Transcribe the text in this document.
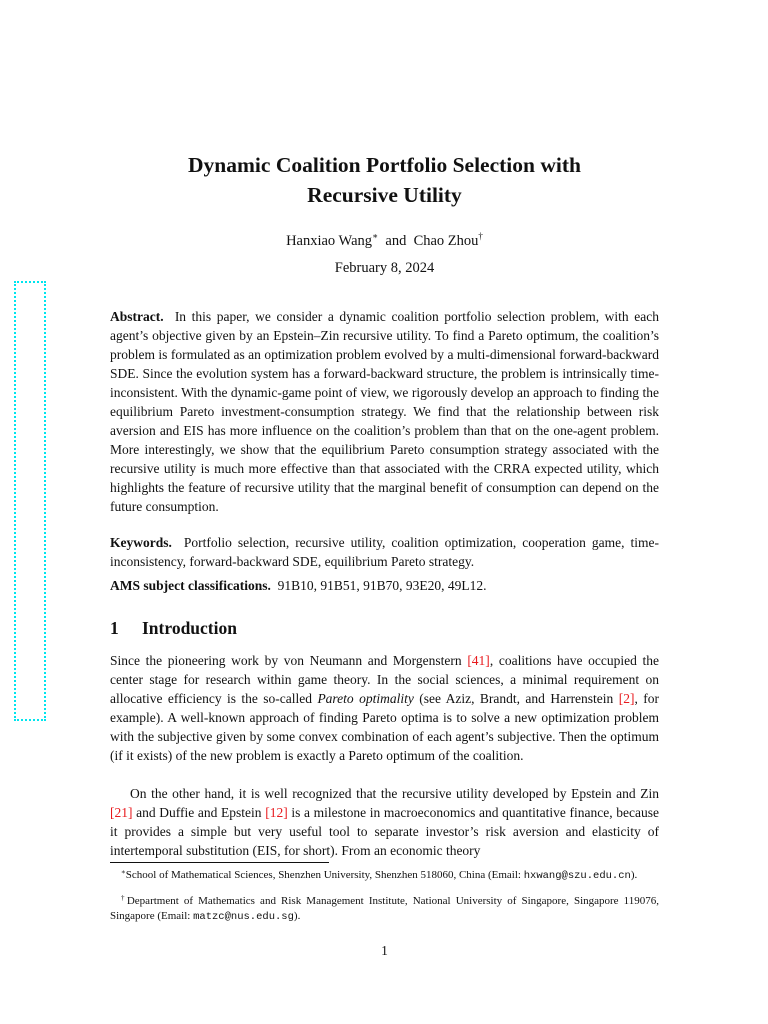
Dynamic Coalition Portfolio Selection with
Recursive Utility
Hanxiao Wang∗ and Chao Zhou†
February 8, 2024

Abstract. In this paper, we consider a dynamic coalition portfolio selection problem, with each agent’s objective given by an Epstein–Zin recursive utility. To find a Pareto optimum, the coalition’s problem is formulated as an optimization problem evolved by a multi-dimensional forward-backward SDE. Since the evolution system has a forward-backward structure, the problem is intrinsically time-inconsistent. With the dynamic-game point of view, we rigorously develop an approach to finding the equilibrium Pareto investment-consumption strategy. We find that the relationship between risk aversion and EIS has more influence on the coalition’s problem than that on the one-agent problem. More interestingly, we show that the equilibrium Pareto consumption strategy associated with the recursive utility is much more effective than that associated with the CRRA expected utility, which highlights the feature of recursive utility that the marginal benefit of consumption can depend on the future consumption.

Keywords. Portfolio selection, recursive utility, coalition optimization, cooperation game, time-inconsistency, forward-backward SDE, equilibrium Pareto strategy.

AMS subject classifications. 91B10, 91B51, 91B70, 93E20, 49L12.

1 Introduction

Since the pioneering work by von Neumann and Morgenstern [41], coalitions have occupied the center stage for research within game theory. In the social sciences, a minimal requirement on allocative efficiency is the so-called Pareto optimality (see Aziz, Brandt, and Harrenstein [2], for example). A well-known approach of finding Pareto optima is to solve a new optimization problem with the subjective given by some convex combination of each agent’s subjective. Then the optimum (if it exists) of the new problem is exactly a Pareto optimum of the coalition.

On the other hand, it is well recognized that the recursive utility developed by Epstein and Zin [21] and Duffie and Epstein [12] is a milestone in macroeconomics and quantitative finance, because it provides a simple but very useful tool to separate investor’s risk aversion and elasticity of intertemporal substitution (EIS, for short). From an economic theory

∗School of Mathematical Sciences, Shenzhen University, Shenzhen 518060, China (Email: hxwang@szu.edu.cn).

†Department of Mathematics and Risk Management Institute, National University of Singapore, Singapore 119076, Singapore (Email: matzc@nus.edu.sg).

1
